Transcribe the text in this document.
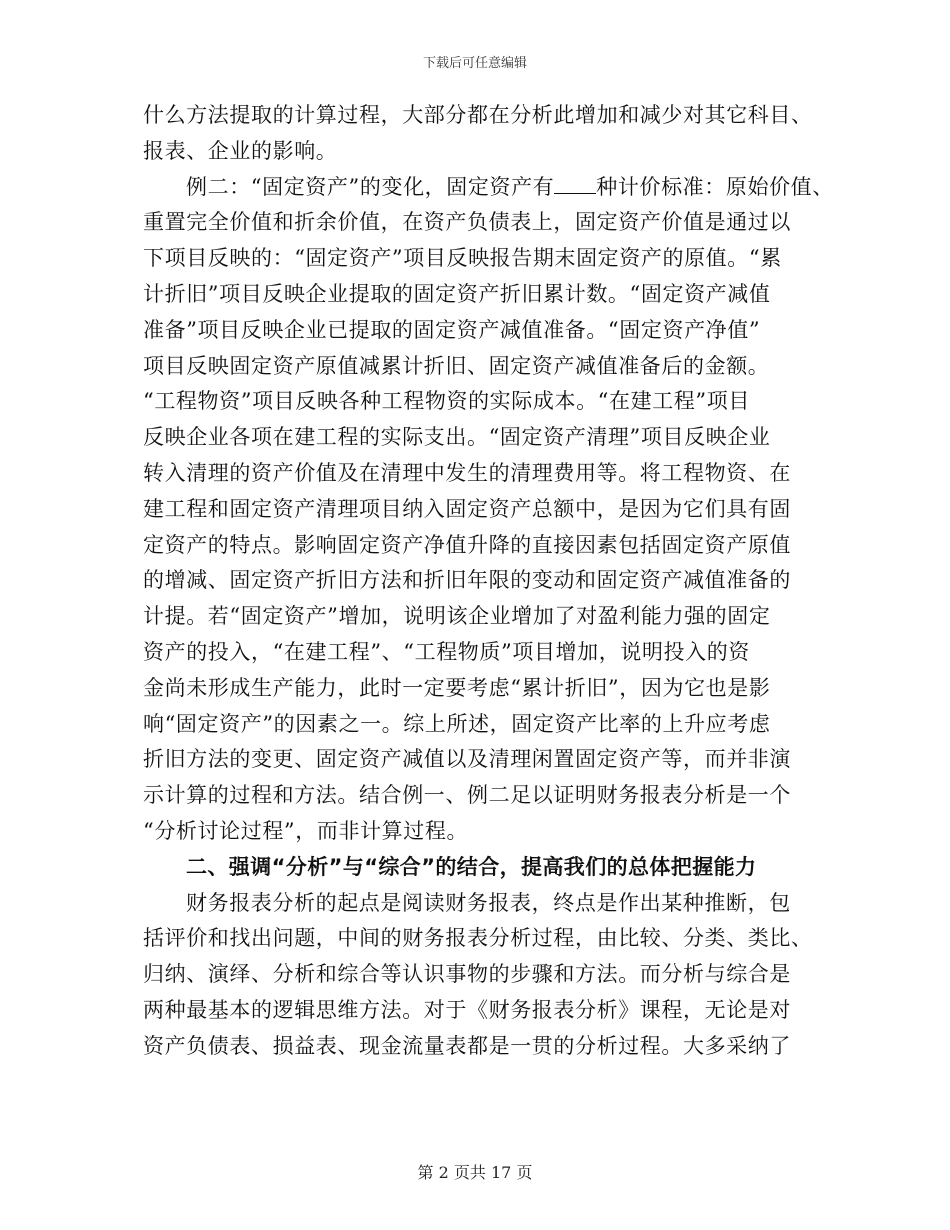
下载后可任意编辑
什么方法提取的计算过程，大部分都在分析此增加和减少对其它科目、
报表、企业的影响。
例二：“固定资产”的变化，固定资产有 种计价标准：原始价值、
重置完全价值和折余价值，在资产负债表上，固定资产价值是通过以
下项目反映的：“固定资产”项目反映报告期末固定资产的原值。“累
计折旧”项目反映企业提取的固定资产折旧累计数。“固定资产减值
准备”项目反映企业已提取的固定资产减值准备。“固定资产净值”
项目反映固定资产原值减累计折旧、固定资产减值准备后的金额。
“工程物资”项目反映各种工程物资的实际成本。“在建工程”项目
反映企业各项在建工程的实际支出。“固定资产清理”项目反映企业
转入清理的资产价值及在清理中发生的清理费用等。将工程物资、在
建工程和固定资产清理项目纳入固定资产总额中，是因为它们具有固
定资产的特点。影响固定资产净值升降的直接因素包括固定资产原值
的增减、固定资产折旧方法和折旧年限的变动和固定资产减值准备的
计提。若“固定资产”增加，说明该企业增加了对盈利能力强的固定
资产的投入，“在建工程”、“工程物质”项目增加，说明投入的资
金尚未形成生产能力，此时一定要考虑“累计折旧”，因为它也是影
响“固定资产”的因素之一。综上所述，固定资产比率的上升应考虑
折旧方法的变更、固定资产减值以及清理闲置固定资产等，而并非演
示计算的过程和方法。结合例一、例二足以证明财务报表分析是一个
“分析讨论过程”，而非计算过程。
二、强调“分析”与“综合”的结合，提高我们的总体把握能力
财务报表分析的起点是阅读财务报表，终点是作出某种推断，包
括评价和找出问题，中间的财务报表分析过程，由比较、分类、类比、
归纳、演绎、分析和综合等认识事物的步骤和方法。而分析与综合是
两种最基本的逻辑思维方法。对于《财务报表分析》课程，无论是对
资产负债表、损益表、现金流量表都是一贯的分析过程。大多采纳了
第 2 页共 17 页
